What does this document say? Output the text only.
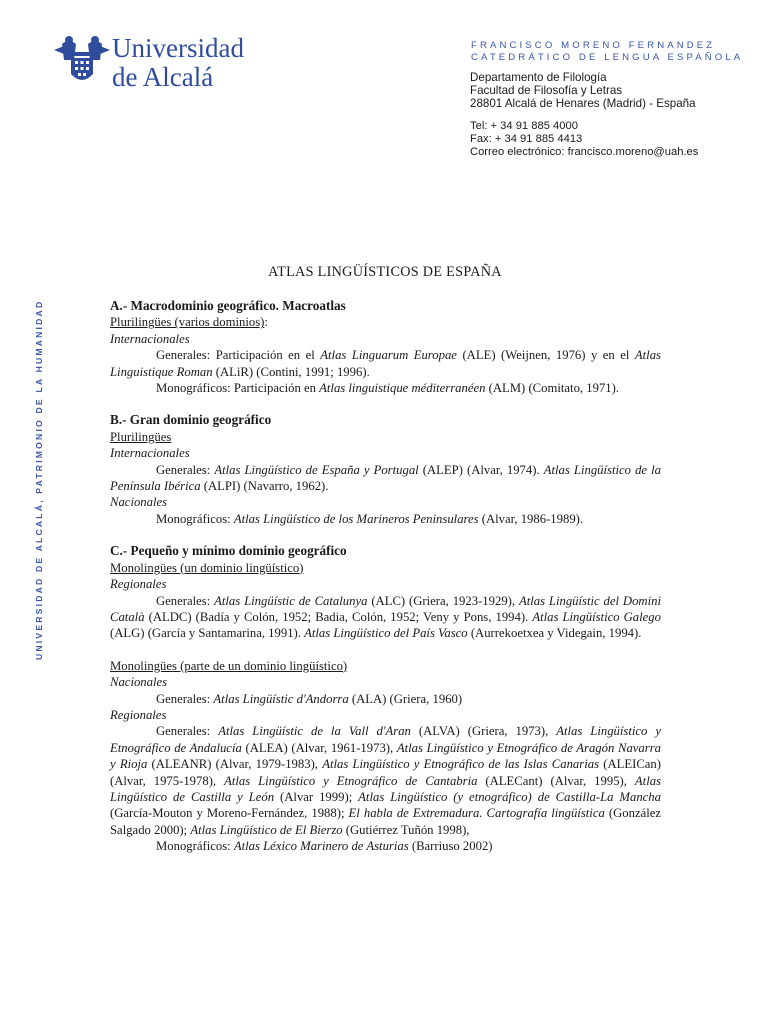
Universidad
de Alcalá
FRANCISCO MORENO FERNANDEZ
CATEDRÁTICO DE LENGUA ESPAÑOLA
Departamento de Filología
Facultad de Filosofía y Letras
28801 Alcalá de Henares (Madrid) - España
Tel: + 34 91 885 4000
Fax: + 34 91 885 4413
Correo electrónico: francisco.moreno@uah.es
UNIVERSIDAD DE ALCALÁ, PATRIMONIO DE LA HUMANIDAD
ATLAS LINGÜÍSTICOS DE ESPAÑA

A.- Macrodominio geográfico. Macroatlas

Plurilingües (varios dominios):

Internacionales

Generales: Participación en el Atlas Linguarum Europae (ALE) (Weijnen, 1976) y en el Atlas Linguistique Roman (ALiR) (Contini, 1991; 1996).

Monográficos: Participación en Atlas linguistique méditerranéen (ALM) (Comitato, 1971).

B.- Gran dominio geográfico

Plurilingües

Internacionales

Generales: Atlas Lingüístico de España y Portugal (ALEP) (Alvar, 1974). Atlas Lingüístico de la Península Ibérica (ALPI) (Navarro, 1962).

Nacionales

Monográficos: Atlas Lingüístico de los Marineros Peninsulares (Alvar, 1986-1989).

C.- Pequeño y mínimo dominio geográfico

Monolingües (un dominio lingüístico)

Regionales

Generales: Atlas Lingüístic de Catalunya (ALC) (Griera, 1923-1929), Atlas Lingüístic del Domini Català (ALDC) (Badía y Colón, 1952; Badia, Colón, 1952; Veny y Pons, 1994). Atlas Lingüístico Galego (ALG) (García y Santamarina, 1991). Atlas Lingüístico del País Vasco (Aurrekoetxea y Videgain, 1994).

Monolingües (parte de un dominio lingüístico)

Nacionales

Generales: Atlas Lingüístic d'Andorra (ALA) (Griera, 1960)

Regionales

Generales: Atlas Lingüístic de la Vall d'Aran (ALVA) (Griera, 1973), Atlas Lingüístico y Etnográfico de Andalucía (ALEA) (Alvar, 1961-1973), Atlas Lingüístico y Etnográfico de Aragón Navarra y Rioja (ALEANR) (Alvar, 1979-1983), Atlas Lingüístico y Etnográfico de las Islas Canarias (ALEICan) (Alvar, 1975-1978), Atlas Lingüístico y Etnográfico de Cantabria (ALECant) (Alvar, 1995), Atlas Lingüístico de Castilla y León (Alvar 1999); Atlas Lingüístico (y etnográfico) de Castilla-La Mancha (García-Mouton y Moreno-Fernández, 1988); El habla de Extremadura. Cartografía lingüística (González Salgado 2000); Atlas Lingüístico de El Bierzo (Gutiérrez Tuñón 1998),

Monográficos: Atlas Léxico Marinero de Asturias (Barriuso 2002)
